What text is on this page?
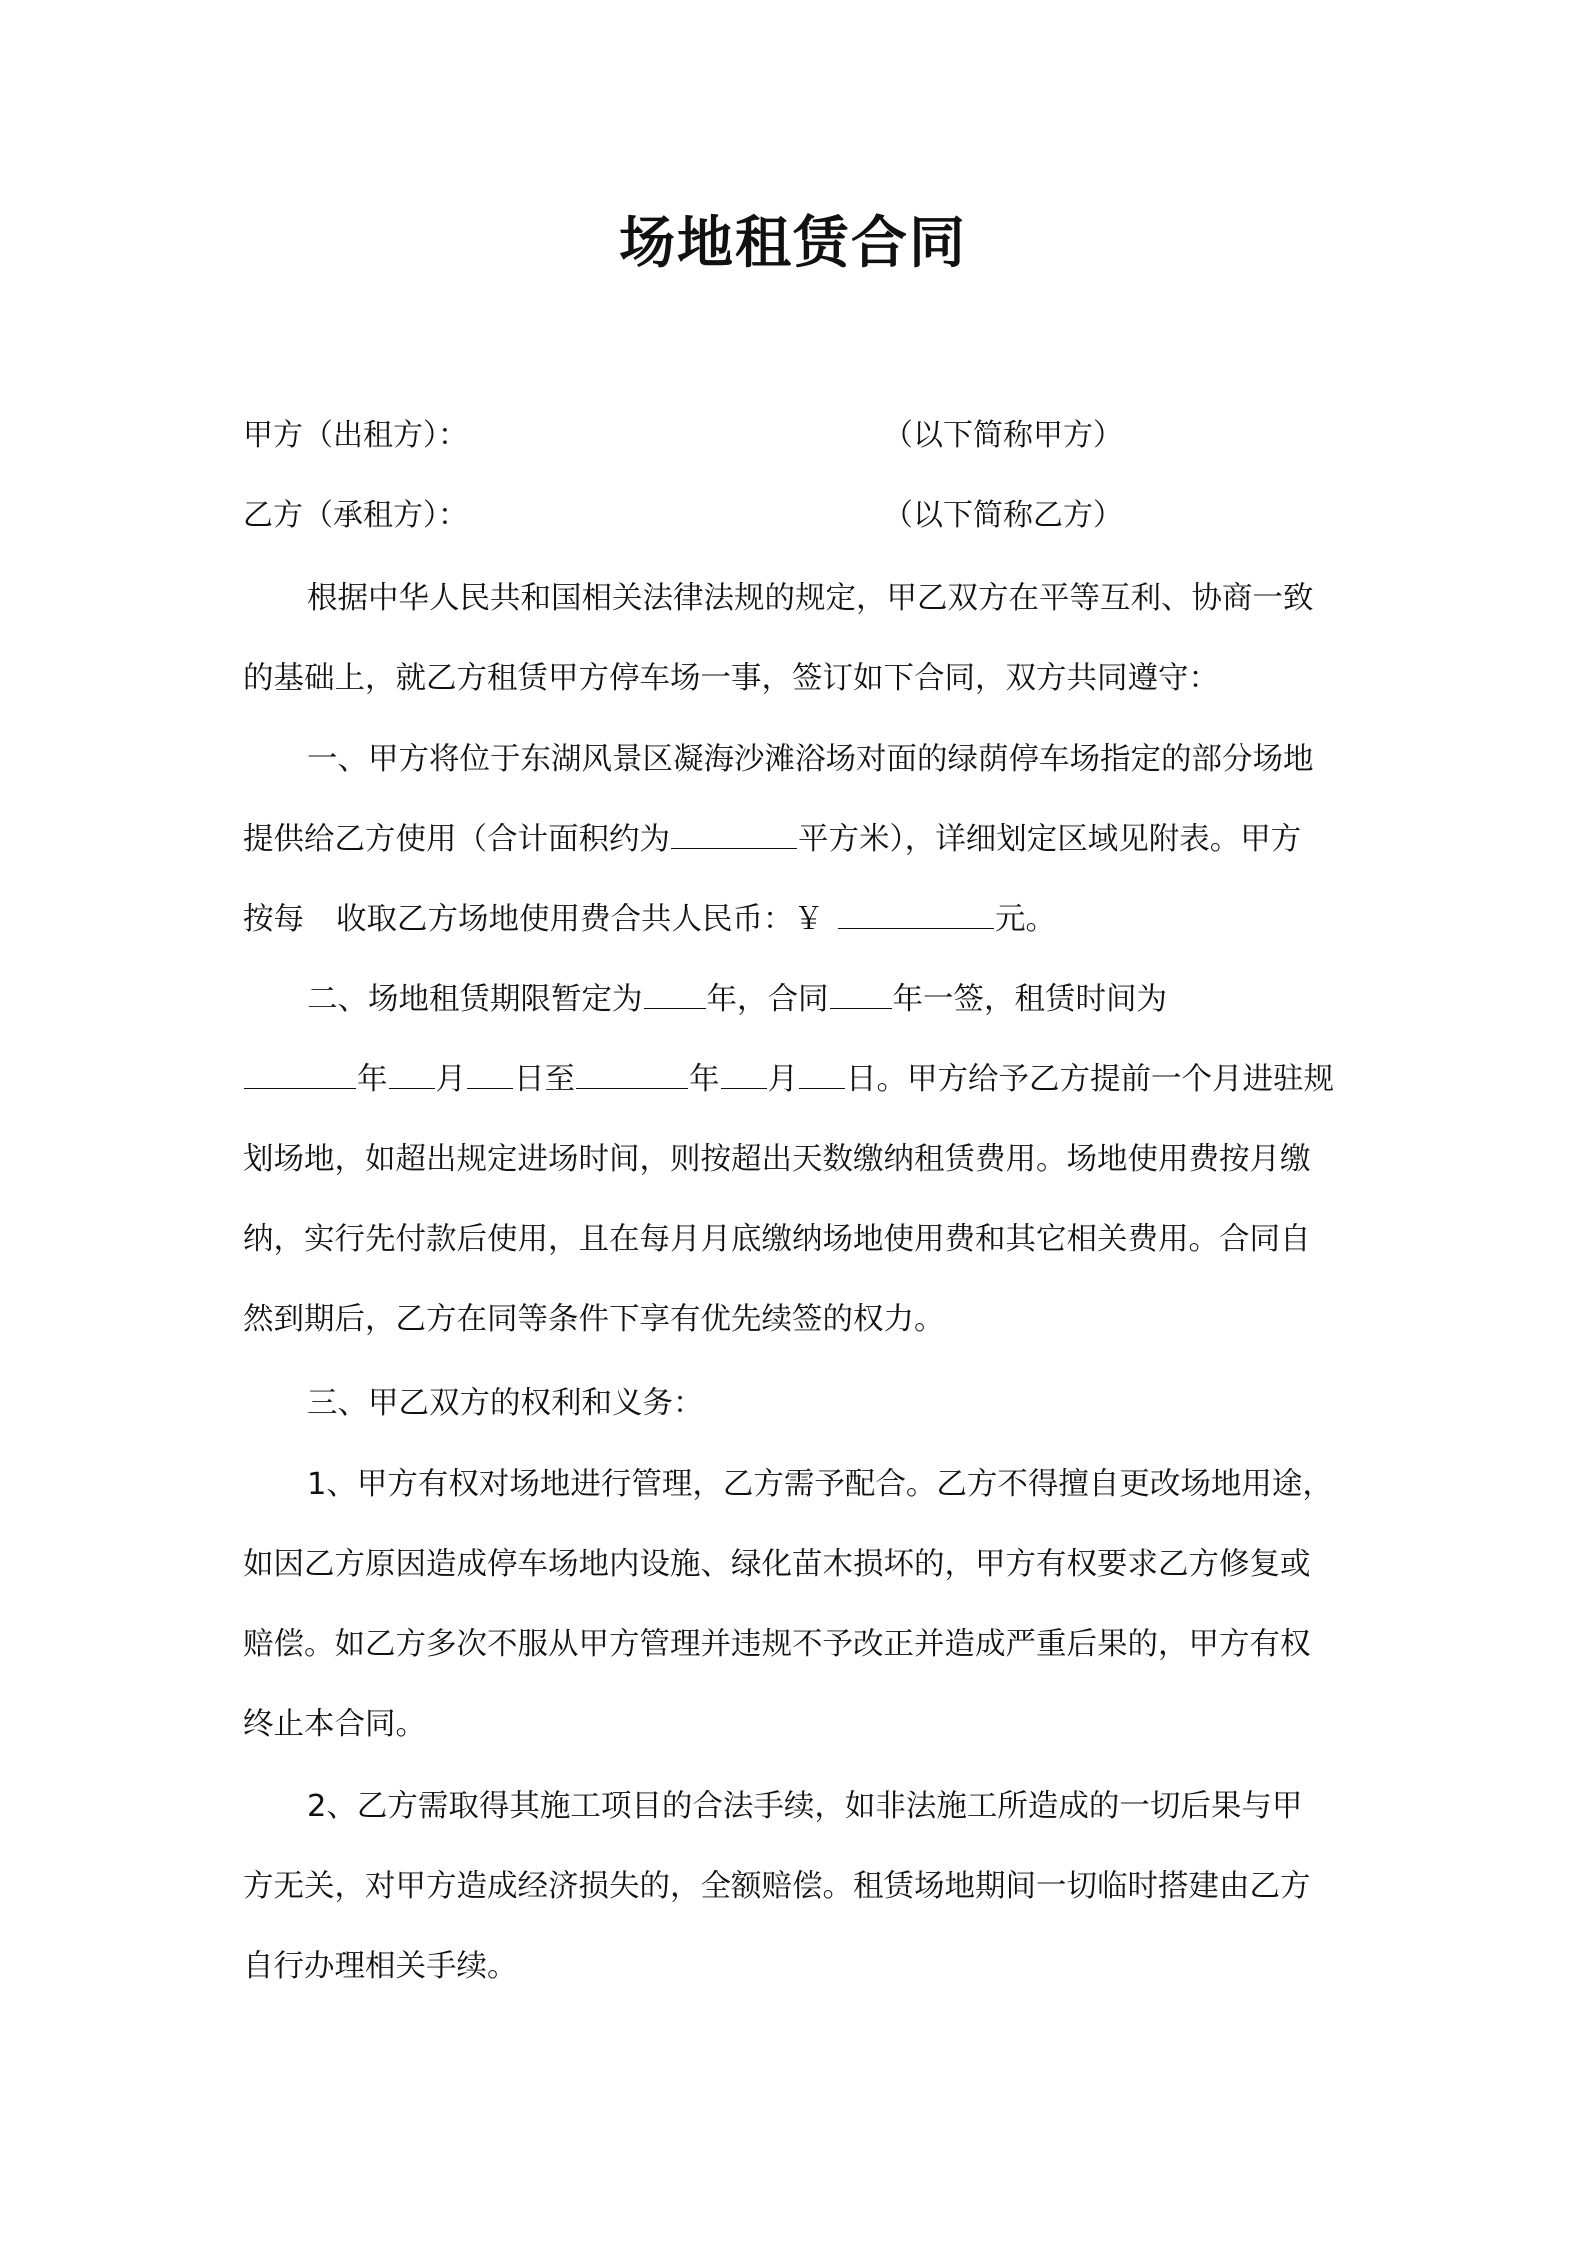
场地租赁合同
甲方（出租方）：	（以下简称甲方）
乙方（承租方）：	（以下简称乙方）
根据中华人民共和国相关法律法规的规定，甲乙双方在平等互利、协商一致
的基础上，就乙方租赁甲方停车场一事，签订如下合同，双方共同遵守：
一、甲方将位于东湖风景区凝海沙滩浴场对面的绿荫停车场指定的部分场地
提供给乙方使用（合计面积约为	平方米），详细划定区域见附表。甲方
按每 收取乙方场地使用费合共人民币：￥	元。
二、场地租赁期限暂定为 年，合同 年一签，租赁时间为
年 月 日至	年 月 日。甲方给予乙方提前一个月进驻规
划场地，如超出规定进场时间，则按超出天数缴纳租赁费用。场地使用费按月缴
纳，实行先付款后使用，且在每月月底缴纳场地使用费和其它相关费用。合同自
然到期后，乙方在同等条件下享有优先续签的权力。
三、甲乙双方的权利和义务：
1、甲方有权对场地进行管理，乙方需予配合。乙方不得擅自更改场地用途，
如因乙方原因造成停车场地内设施、绿化苗木损坏的，甲方有权要求乙方修复或
赔偿。如乙方多次不服从甲方管理并违规不予改正并造成严重后果的，甲方有权
终止本合同。
2、乙方需取得其施工项目的合法手续，如非法施工所造成的一切后果与甲
方无关，对甲方造成经济损失的，全额赔偿。租赁场地期间一切临时搭建由乙方
自行办理相关手续。
